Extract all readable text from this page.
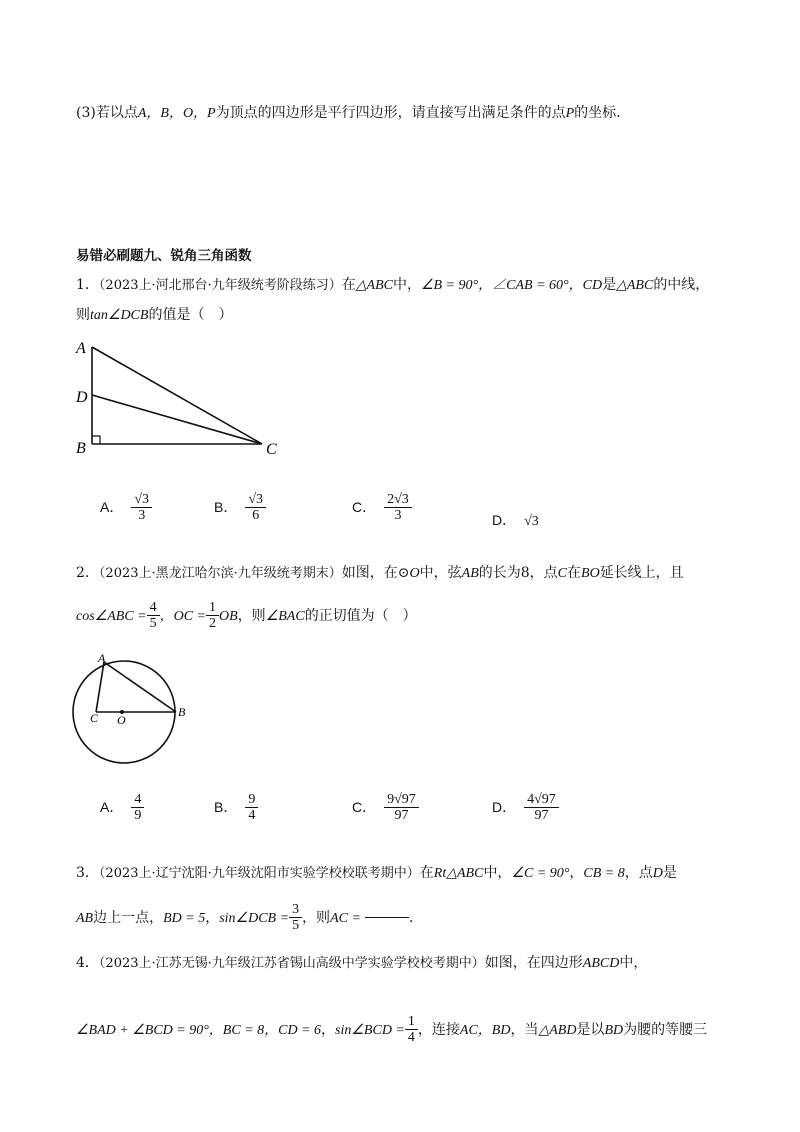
(3)若以点A，B，O，P为顶点的四边形是平行四边形，请直接写出满足条件的点P的坐标.
易错必刷题九、锐角三角函数
1．（2023上·河北邢台·九年级统考阶段练习）在△ABC中，∠B = 90°，∠CAB = 60°，CD是△ABC的中线，
则tan∠DCB的值是（　）
A
D
B	C
A． $\frac{√3}{3}$	B． $\frac{√3}{6}$	C． $\frac{2√3}{3}$	D． √3
2．（2023上·黑龙江哈尔滨·九年级统考期末）如图，在⊙O中，弦AB的长为8，点C在BO延长线上，且
cos∠ABC = $\frac{4}{5}$ ，OC = $\frac{1}{2}$ OB，则∠BAC的正切值为（　）
A
B
C O
A． $\frac{4}{9}$	B． $\frac{9}{4}$	C． $\frac{9√97}{97}$	D． $\frac{4√97}{97}$
3．（2023上·辽宁沈阳·九年级沈阳市实验学校校联考期中）在Rt△ABC中，∠C = 90°，CB = 8，点D是
AB边上一点，BD = 5，sin∠DCB = $\frac{3}{5}$ ，则AC =	.
4．（2023上·江苏无锡·九年级江苏省锡山高级中学实验学校校考期中）如图，在四边形ABCD中，
∠BAD + ∠BCD = 90°，BC = 8，CD = 6，sin∠BCD = $\frac{1}{4}$ ，连接AC，BD，当△ABD是以BD为腰的等腰三
